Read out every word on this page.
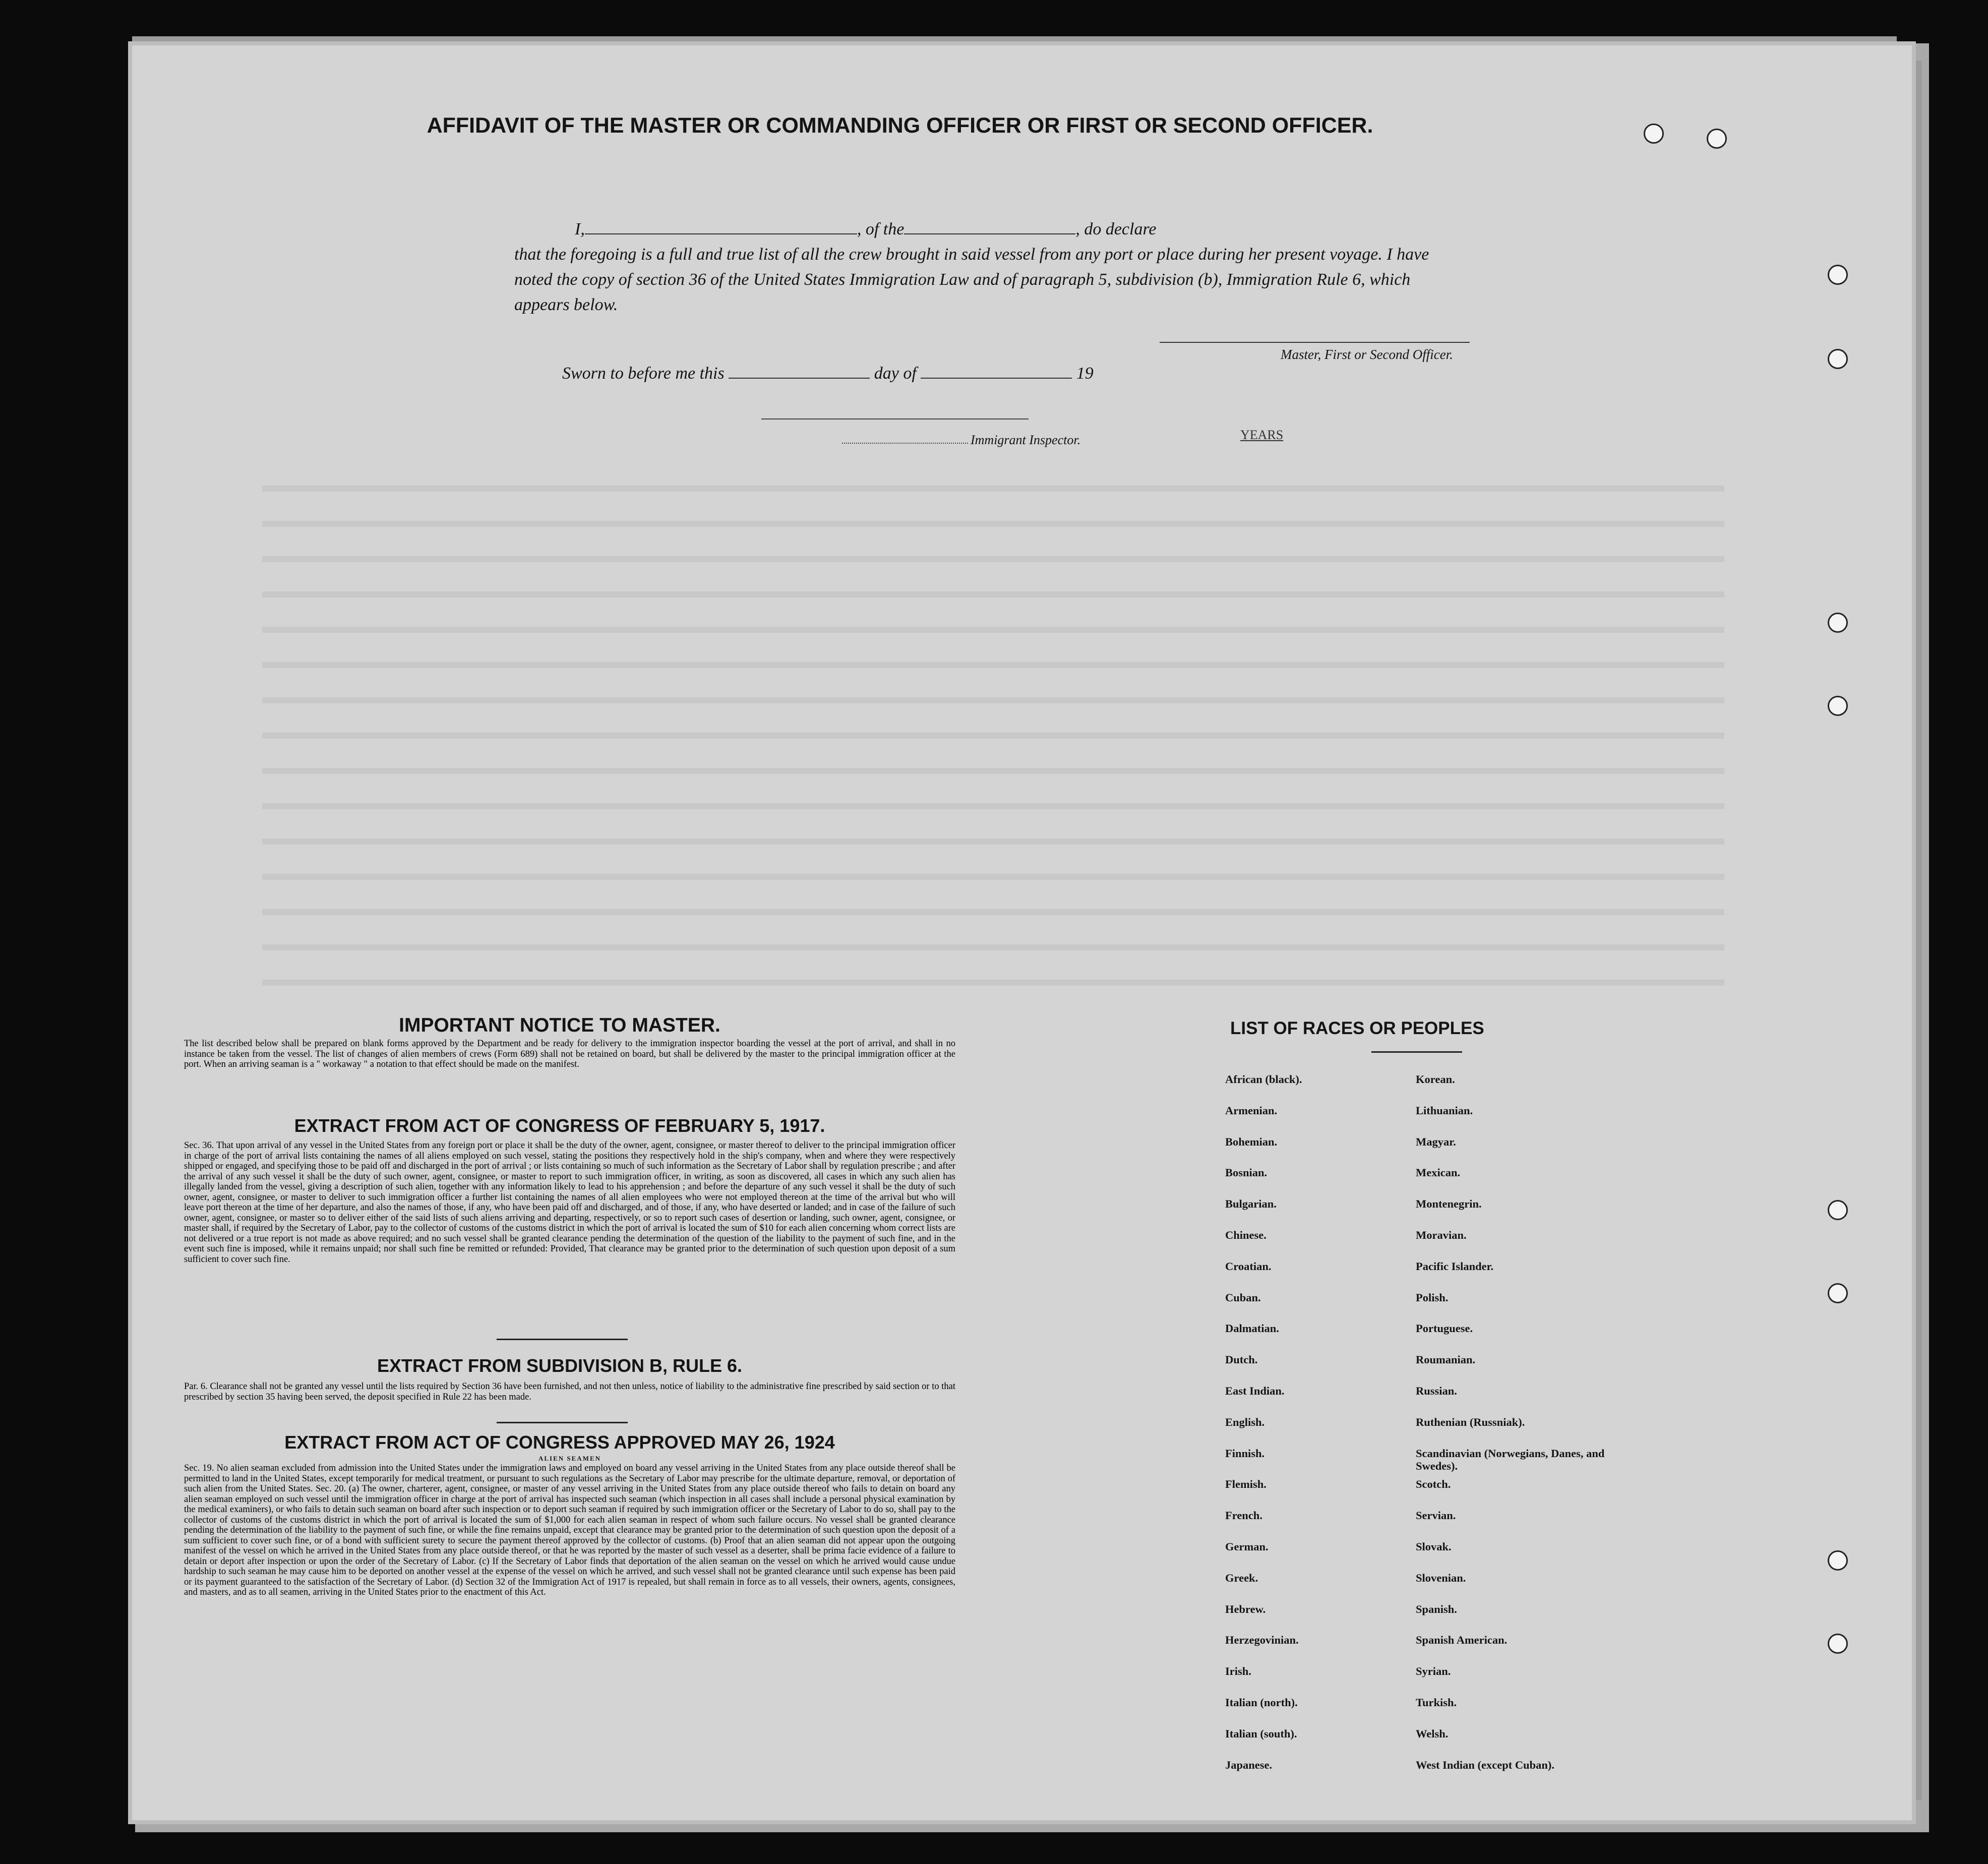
AFFIDAVIT OF THE MASTER OR COMMANDING OFFICER OR FIRST OR SECOND OFFICER.
I,	, of the	, do declare
that the foregoing is a full and true list of all the crew brought in said vessel from any port or place during her present voyage. I have noted the copy of section 36 of the United States Immigration Law and of paragraph 5, subdivision (b), Immigration Rule 6, which appears below.
Master, First or Second Officer.
Sworn to before me this	day of	19
Immigrant Inspector.	YEARS
IMPORTANT NOTICE TO MASTER.
The list described below shall be prepared on blank forms approved by the Department and be ready for delivery to the immigration inspector boarding the vessel at the port of arrival, and shall in no instance be taken from the vessel. The list of changes of alien members of crews (Form 689) shall not be retained on board, but shall be delivered by the master to the principal immigration officer at the port. When an arriving seaman is a " workaway " a notation to that effect should be made on the manifest.
EXTRACT FROM ACT OF CONGRESS OF FEBRUARY 5, 1917.
Sec. 36. That upon arrival of any vessel in the United States from any foreign port or place it shall be the duty of the owner, agent, consignee, or master thereof to deliver to the principal immigration officer in charge of the port of arrival lists containing the names of all aliens employed on such vessel, stating the positions they respectively hold in the ship's company, when and where they were respectively shipped or engaged, and specifying those to be paid off and discharged in the port of arrival ; or lists containing so much of such information as the Secretary of Labor shall by regulation prescribe ; and after the arrival of any such vessel it shall be the duty of such owner, agent, consignee, or master to report to such immigration officer, in writing, as soon as discovered, all cases in which any such alien has illegally landed from the vessel, giving a description of such alien, together with any information likely to lead to his apprehension ; and before the departure of any such vessel it shall be the duty of such owner, agent, consignee, or master to deliver to such immigration officer a further list containing the names of all alien employees who were not employed thereon at the time of the arrival but who will leave port thereon at the time of her departure, and also the names of those, if any, who have been paid off and discharged, and of those, if any, who have deserted or landed; and in case of the failure of such owner, agent, consignee, or master so to deliver either of the said lists of such aliens arriving and departing, respectively, or so to report such cases of desertion or landing, such owner, agent, consignee, or master shall, if required by the Secretary of Labor, pay to the collector of customs of the customs district in which the port of arrival is located the sum of $10 for each alien concerning whom correct lists are not delivered or a true report is not made as above required; and no such vessel shall be granted clearance pending the determination of the question of the liability to the payment of such fine, and in the event such fine is imposed, while it remains unpaid; nor shall such fine be remitted or refunded: Provided, That clearance may be granted prior to the determination of such question upon deposit of a sum sufficient to cover such fine.
EXTRACT FROM SUBDIVISION B, RULE 6.
Par. 6. Clearance shall not be granted any vessel until the lists required by Section 36 have been furnished, and not then unless, notice of liability to the administrative fine prescribed by said section or to that prescribed by section 35 having been served, the deposit specified in Rule 22 has been made.
EXTRACT FROM ACT OF CONGRESS APPROVED MAY 26, 1924
ALIEN SEAMEN
Sec. 19. No alien seaman excluded from admission into the United States under the immigration laws and employed on board any vessel arriving in the United States from any place outside thereof shall be permitted to land in the United States, except temporarily for medical treatment, or pursuant to such regulations as the Secretary of Labor may prescribe for the ultimate departure, removal, or deportation of such alien from the United States. Sec. 20. (a) The owner, charterer, agent, consignee, or master of any vessel arriving in the United States from any place outside thereof who fails to detain on board any alien seaman employed on such vessel until the immigration officer in charge at the port of arrival has inspected such seaman (which inspection in all cases shall include a personal physical examination by the medical examiners), or who fails to detain such seaman on board after such inspection or to deport such seaman if required by such immigration officer or the Secretary of Labor to do so, shall pay to the collector of customs of the customs district in which the port of arrival is located the sum of $1,000 for each alien seaman in respect of whom such failure occurs. No vessel shall be granted clearance pending the determination of the liability to the payment of such fine, or while the fine remains unpaid, except that clearance may be granted prior to the determination of such question upon the deposit of a sum sufficient to cover such fine, or of a bond with sufficient surety to secure the payment thereof approved by the collector of customs. (b) Proof that an alien seaman did not appear upon the outgoing manifest of the vessel on which he arrived in the United States from any place outside thereof, or that he was reported by the master of such vessel as a deserter, shall be prima facie evidence of a failure to detain or deport after inspection or upon the order of the Secretary of Labor. (c) If the Secretary of Labor finds that deportation of the alien seaman on the vessel on which he arrived would cause undue hardship to such seaman he may cause him to be deported on another vessel at the expense of the vessel on which he arrived, and such vessel shall not be granted clearance until such expense has been paid or its payment guaranteed to the satisfaction of the Secretary of Labor. (d) Section 32 of the Immigration Act of 1917 is repealed, but shall remain in force as to all vessels, their owners, agents, consignees, and masters, and as to all seamen, arriving in the United States prior to the enactment of this Act.
LIST OF RACES OR PEOPLES
African (black).
Armenian.
Bohemian.
Bosnian.
Bulgarian.
Chinese.
Croatian.
Cuban.
Dalmatian.
Dutch.
East Indian.
English.
Finnish.
Flemish.
French.
German.
Greek.
Hebrew.
Herzegovinian.
Irish.
Italian (north).
Italian (south).
Japanese.
Korean.
Lithuanian.
Magyar.
Mexican.
Montenegrin.
Moravian.
Pacific Islander.
Polish.
Portuguese.
Roumanian.
Russian.
Ruthenian (Russniak).
Scandinavian (Norwegians, Danes, and Swedes).
Scotch.
Servian.
Slovak.
Slovenian.
Spanish.
Spanish American.
Syrian.
Turkish.
Welsh.
West Indian (except Cuban).
